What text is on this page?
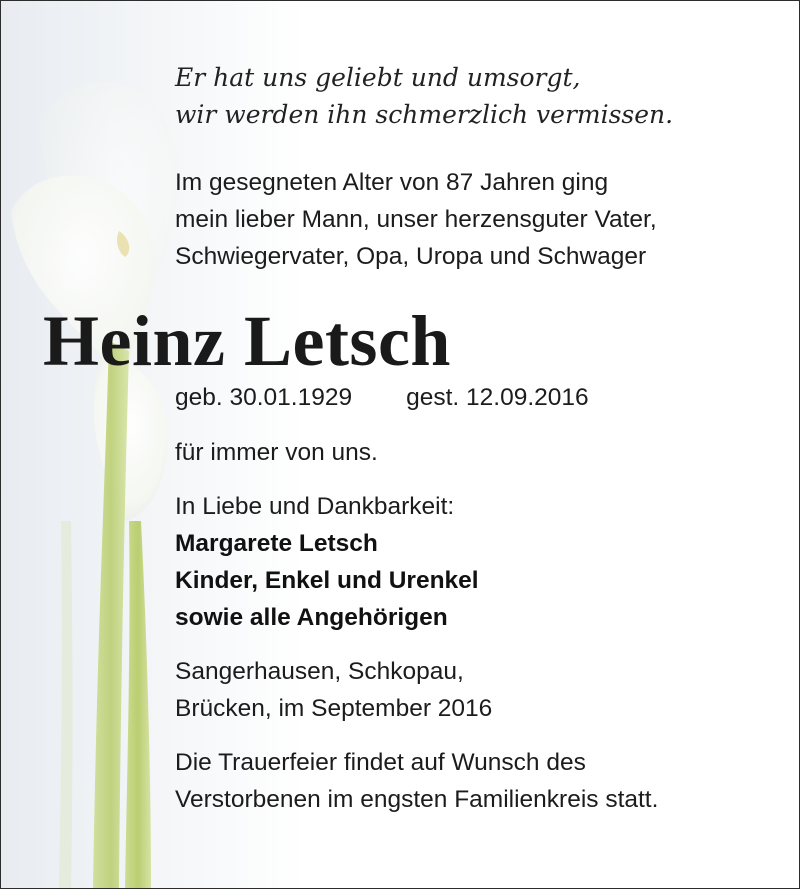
Er hat uns geliebt und umsorgt,
wir werden ihn schmerzlich vermissen.

Im gesegneten Alter von 87 Jahren ging
mein lieber Mann, unser herzensguter Vater,
Schwiegervater, Opa, Uropa und Schwager

Heinz Letsch
geb. 30.01.1929 gest. 12.09.2016

für immer von uns.

In Liebe und Dankbarkeit:
Margarete Letsch
Kinder, Enkel und Urenkel
sowie alle Angehörigen

Sangerhausen, Schkopau,
Brücken, im September 2016

Die Trauerfeier findet auf Wunsch des
Verstorbenen im engsten Familienkreis statt.
